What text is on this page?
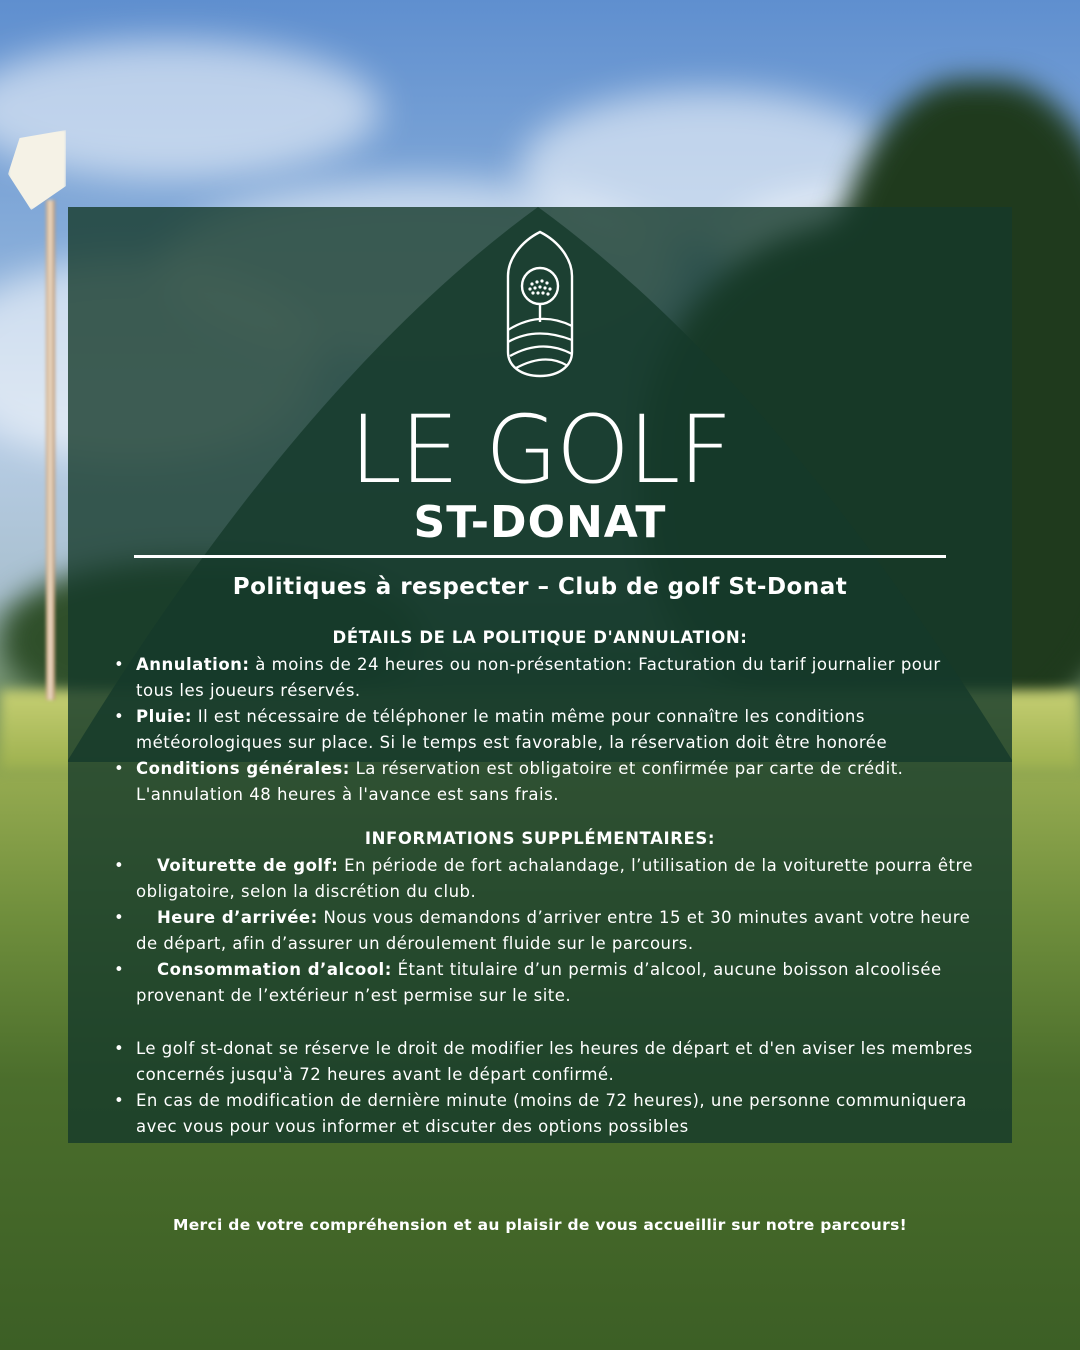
LE GOLF
ST-DONAT
Politiques à respecter – Club de golf St-Donat
DÉTAILS DE LA POLITIQUE D'ANNULATION:
• Annulation: à moins de 24 heures ou non-présentation: Facturation du tarif journalier pour tous les joueurs réservés.
• Pluie: Il est nécessaire de téléphoner le matin même pour connaître les conditions météorologiques sur place. Si le temps est favorable, la réservation doit être honorée
• Conditions générales: La réservation est obligatoire et confirmée par carte de crédit. L'annulation 48 heures à l'avance est sans frais.
INFORMATIONS SUPPLÉMENTAIRES:
• Voiturette de golf: En période de fort achalandage, l’utilisation de la voiturette pourra être obligatoire, selon la discrétion du club.
• Heure d’arrivée: Nous vous demandons d’arriver entre 15 et 30 minutes avant votre heure de départ, afin d’assurer un déroulement fluide sur le parcours.
• Consommation d’alcool: Étant titulaire d’un permis d’alcool, aucune boisson alcoolisée provenant de l’extérieur n’est permise sur le site.
• Le golf st-donat se réserve le droit de modifier les heures de départ et d'en aviser les membres concernés jusqu'à 72 heures avant le départ confirmé.
• En cas de modification de dernière minute (moins de 72 heures), une personne communiquera avec vous pour vous informer et discuter des options possibles
Merci de votre compréhension et au plaisir de vous accueillir sur notre parcours!
